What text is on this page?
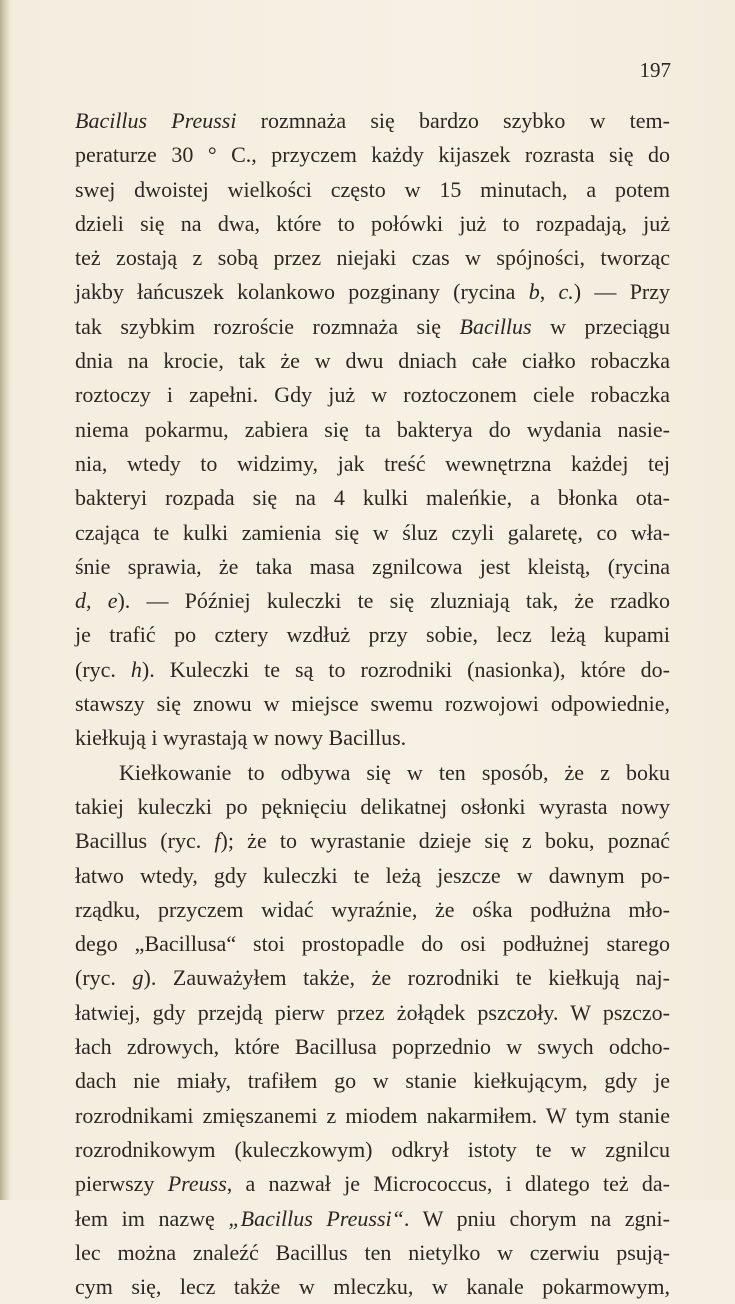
197
Bacillus Preussi rozmnaża się bardzo szybko w tem-
peraturze 30 ° C., przyczem każdy kijaszek rozrasta się do
swej dwoistej wielkości często w 15 minutach, a potem
dzieli się na dwa, które to połówki już to rozpadają, już
też zostają z sobą przez niejaki czas w spójności, tworząc
jakby łańcuszek kolankowo pozginany (rycina b, c.) — Przy
tak szybkim rozroście rozmnaża się Bacillus w przeciągu
dnia na krocie, tak że w dwu dniach całe ciałko robaczka
roztoczy i zapełni. Gdy już w roztoczonem ciele robaczka
niema pokarmu, zabiera się ta bakterya do wydania nasie-
nia, wtedy to widzimy, jak treść wewnętrzna każdej tej
bakteryi rozpada się na 4 kulki maleńkie, a błonka ota-
czająca te kulki zamienia się w śluz czyli galaretę, co wła-
śnie sprawia, że taka masa zgnilcowa jest kleistą, (rycina
d, e). — Później kuleczki te się zluzniają tak, że rzadko
je trafić po cztery wzdłuż przy sobie, lecz leżą kupami
(ryc. h). Kuleczki te są to rozrodniki (nasionka), które do-
stawszy się znowu w miejsce swemu rozwojowi odpowiednie,
kiełkują i wyrastają w nowy Bacillus.
Kiełkowanie to odbywa się w ten sposób, że z boku
takiej kuleczki po pęknięciu delikatnej osłonki wyrasta nowy
Bacillus (ryc. f); że to wyrastanie dzieje się z boku, poznać
łatwo wtedy, gdy kuleczki te leżą jeszcze w dawnym po-
rządku, przyczem widać wyraźnie, że ośka podłużna mło-
dego „Bacillusa“ stoi prostopadle do osi podłużnej starego
(ryc. g). Zauważyłem także, że rozrodniki te kiełkują naj-
łatwiej, gdy przejdą pierw przez żołądek pszczoły. W pszczo-
łach zdrowych, które Bacillusa poprzednio w swych odcho-
dach nie miały, trafiłem go w stanie kiełkującym, gdy je
rozrodnikami zmięszanemi z miodem nakarmiłem. W tym stanie
rozrodnikowym (kuleczkowym) odkrył istoty te w zgnilcu
pierwszy Preuss, a nazwał je Micrococcus, i dlatego też da-
łem im nazwę „Bacillus Preussi“. W pniu chorym na zgni-
lec można znaleźć Bacillus ten nietylko w czerwiu psują-
cym się, lecz także w mleczku, w kanale pokarmowym,
